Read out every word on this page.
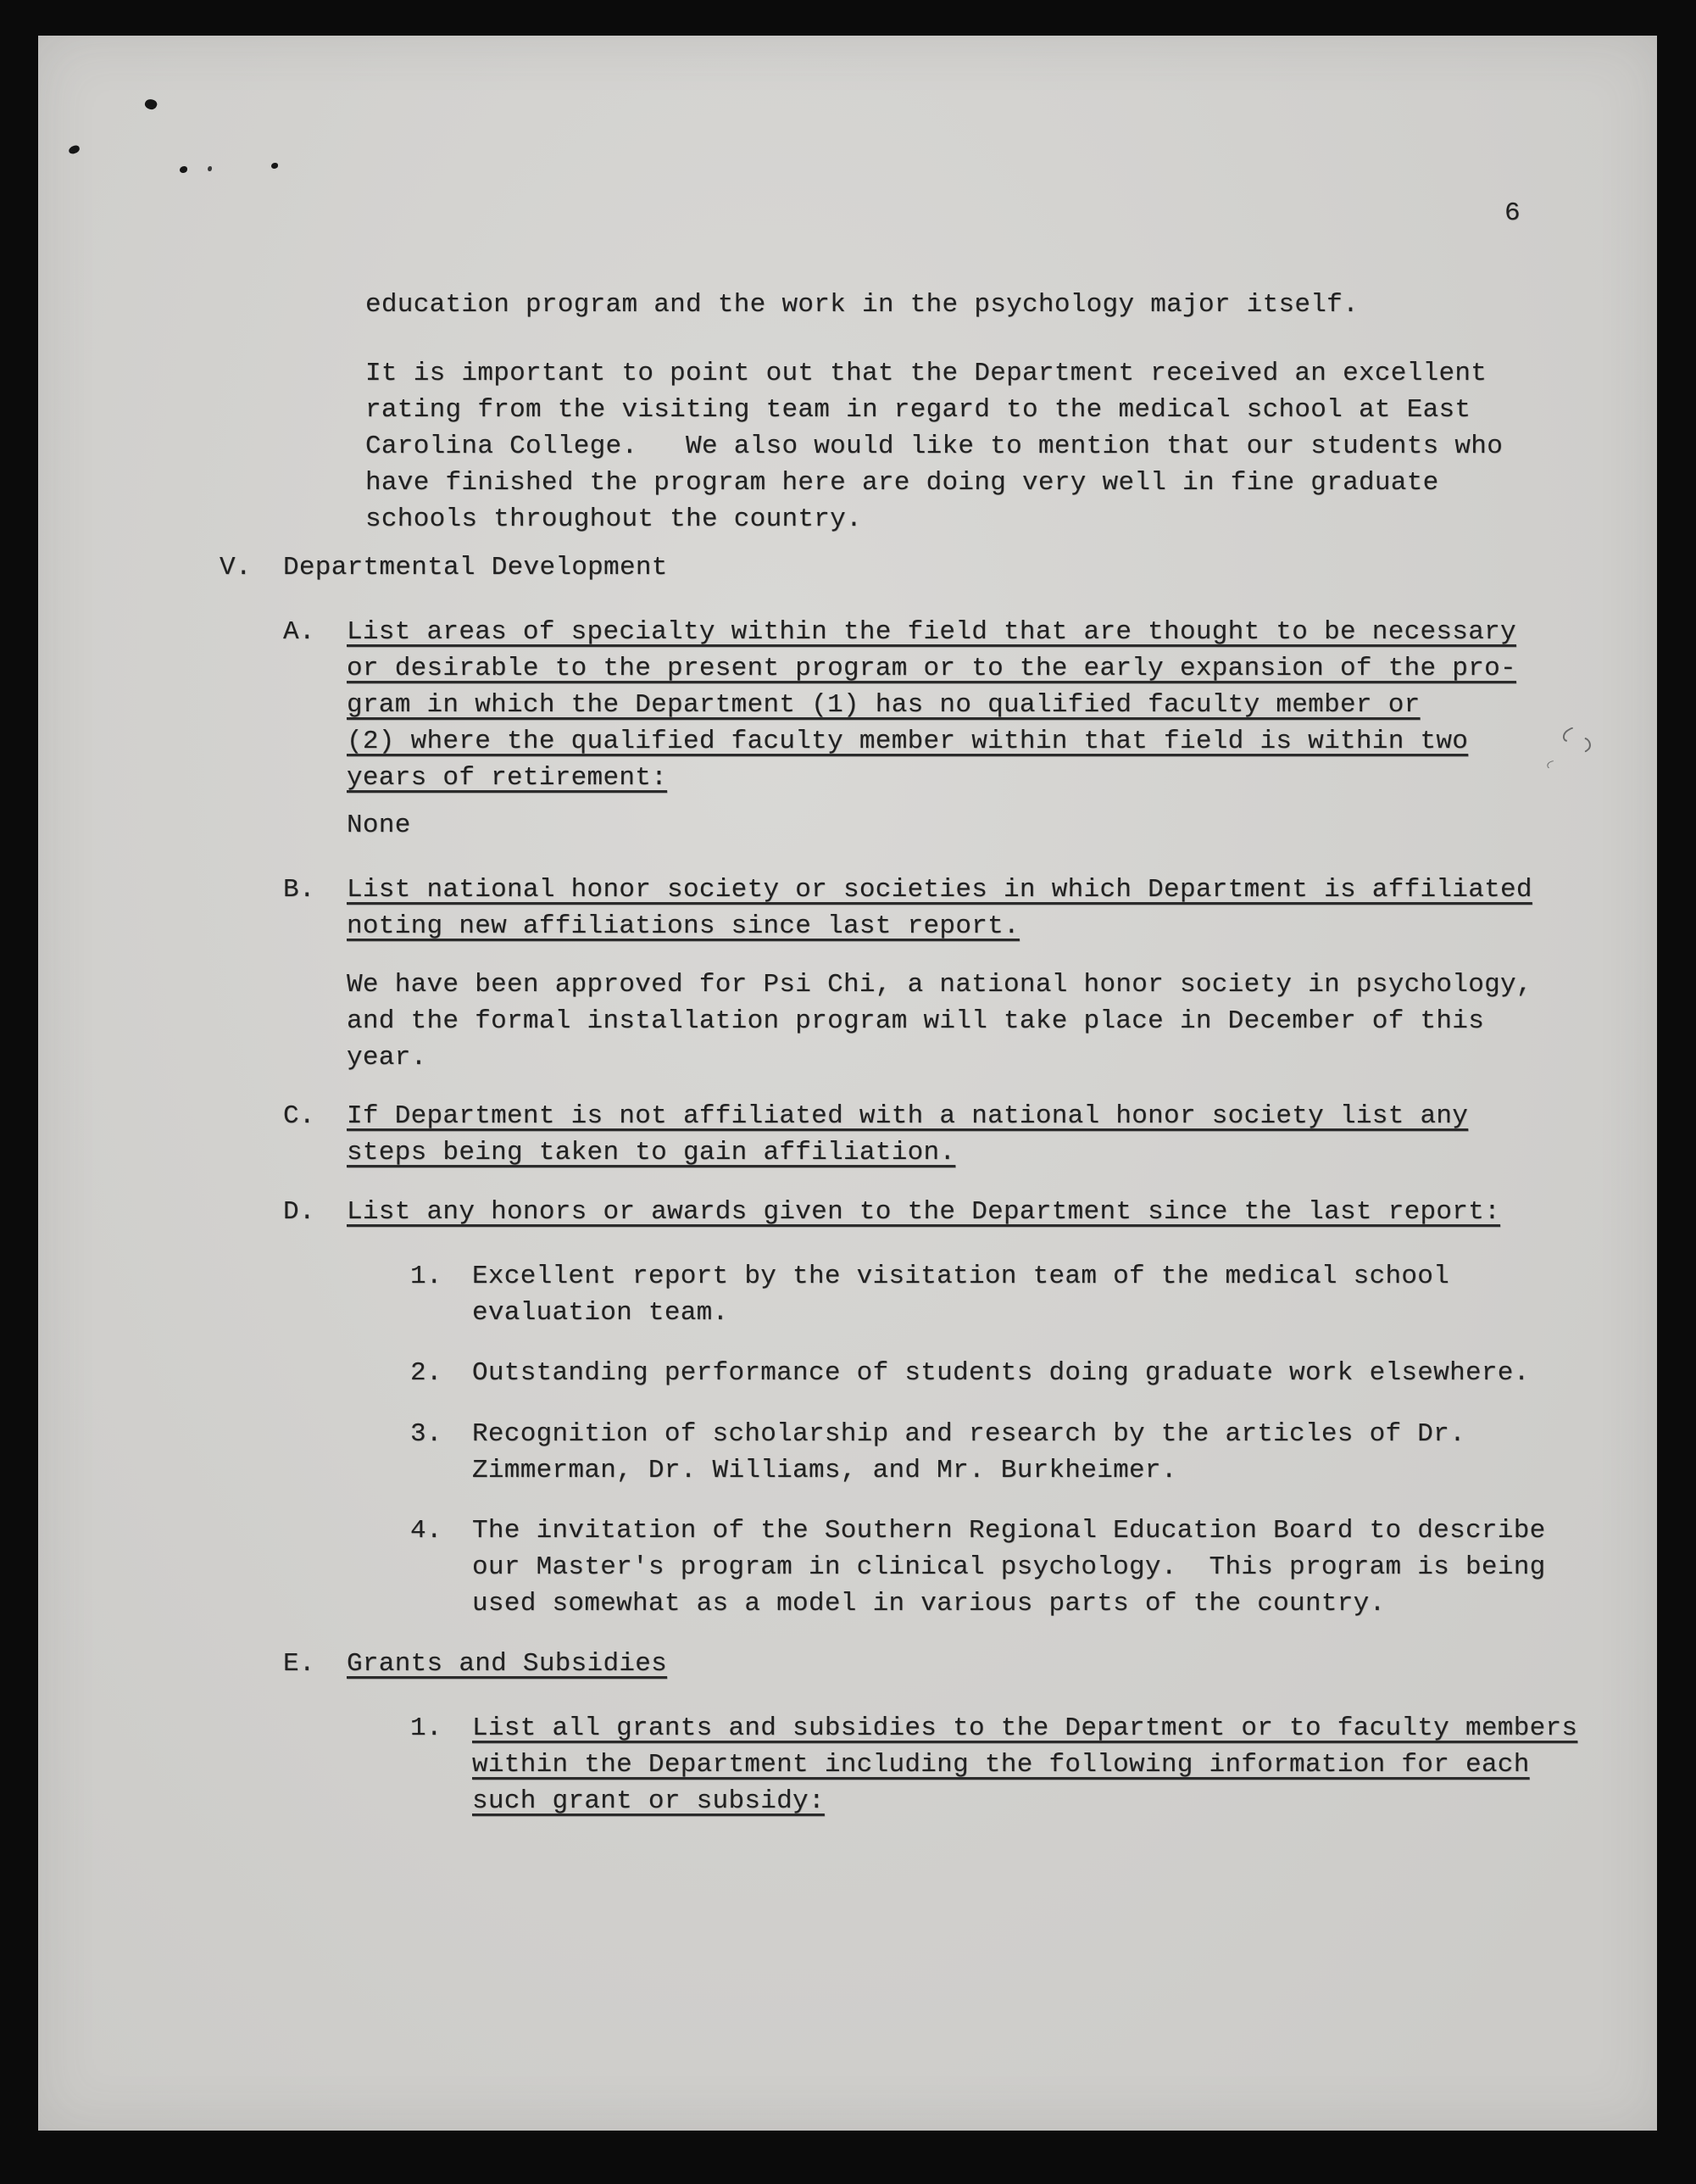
6
education program and the work in the psychology major itself.
It is important to point out that the Department received an excellent
rating from the visiting team in regard to the medical school at East
Carolina College.   We also would like to mention that our students who
have finished the program here are doing very well in fine graduate
schools throughout the country.
V. Departmental Development
A. List areas of specialty within the field that are thought to be necessary
or desirable to the present program or to the early expansion of the pro-
gram in which the Department (1) has no qualified faculty member or
(2) where the qualified faculty member within that field is within two
years of retirement:
None
B. List national honor society or societies in which Department is affiliated
noting new affiliations since last report.
We have been approved for Psi Chi, a national honor society in psychology,
and the formal installation program will take place in December of this
year.
C. If Department is not affiliated with a national honor society list any
steps being taken to gain affiliation.
D. List any honors or awards given to the Department since the last report:
1. Excellent report by the visitation team of the medical school
evaluation team.
2. Outstanding performance of students doing graduate work elsewhere.
3. Recognition of scholarship and research by the articles of Dr.
Zimmerman, Dr. Williams, and Mr. Burkheimer.
4. The invitation of the Southern Regional Education Board to describe
our Master's program in clinical psychology.  This program is being
used somewhat as a model in various parts of the country.
E. Grants and Subsidies
1. List all grants and subsidies to the Department or to faculty members
within the Department including the following information for each
such grant or subsidy:
